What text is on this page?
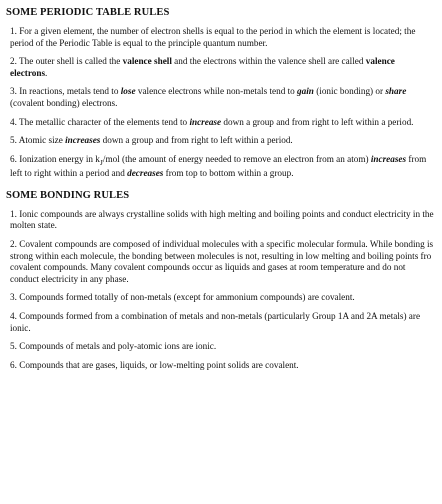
SOME PERIODIC TABLE RULES
1. For a given element, the number of electron shells is equal to the period in which the element is located; the period of the Periodic Table is equal to the principle quantum number.
2. The outer shell is called the valence shell and the electrons within the valence shell are called valence electrons.
3. In reactions, metals tend to lose valence electrons while non-metals tend to gain (ionic bonding) or share (covalent bonding) electrons.
4. The metallic character of the elements tend to increase down a group and from right to left within a period.
5. Atomic size increases down a group and from right to left within a period.
6. Ionization energy in $k_J$/mol (the amount of energy needed to remove an electron from an atom) increases from left to right within a period and decreases from top to bottom within a group.
SOME BONDING RULES
1. Ionic compounds are always crystalline solids with high melting and boiling points and conduct electricity in the molten state.
2. Covalent compounds are composed of individual molecules with a specific molecular formula. While bonding is strong within each molecule, the bonding between molecules is not, resulting in low melting and boiling points fro covalent compounds. Many covalent compounds occur as liquids and gases at room temperature and do not conduct electricity in any phase.
3. Compounds formed totally of non-metals (except for ammonium compounds) are covalent.
4. Compounds formed from a combination of metals and non-metals (particularly Group 1A and 2A metals) are ionic.
5. Compounds of metals and poly-atomic ions are ionic.
6. Compounds that are gases, liquids, or low-melting point solids are covalent.
